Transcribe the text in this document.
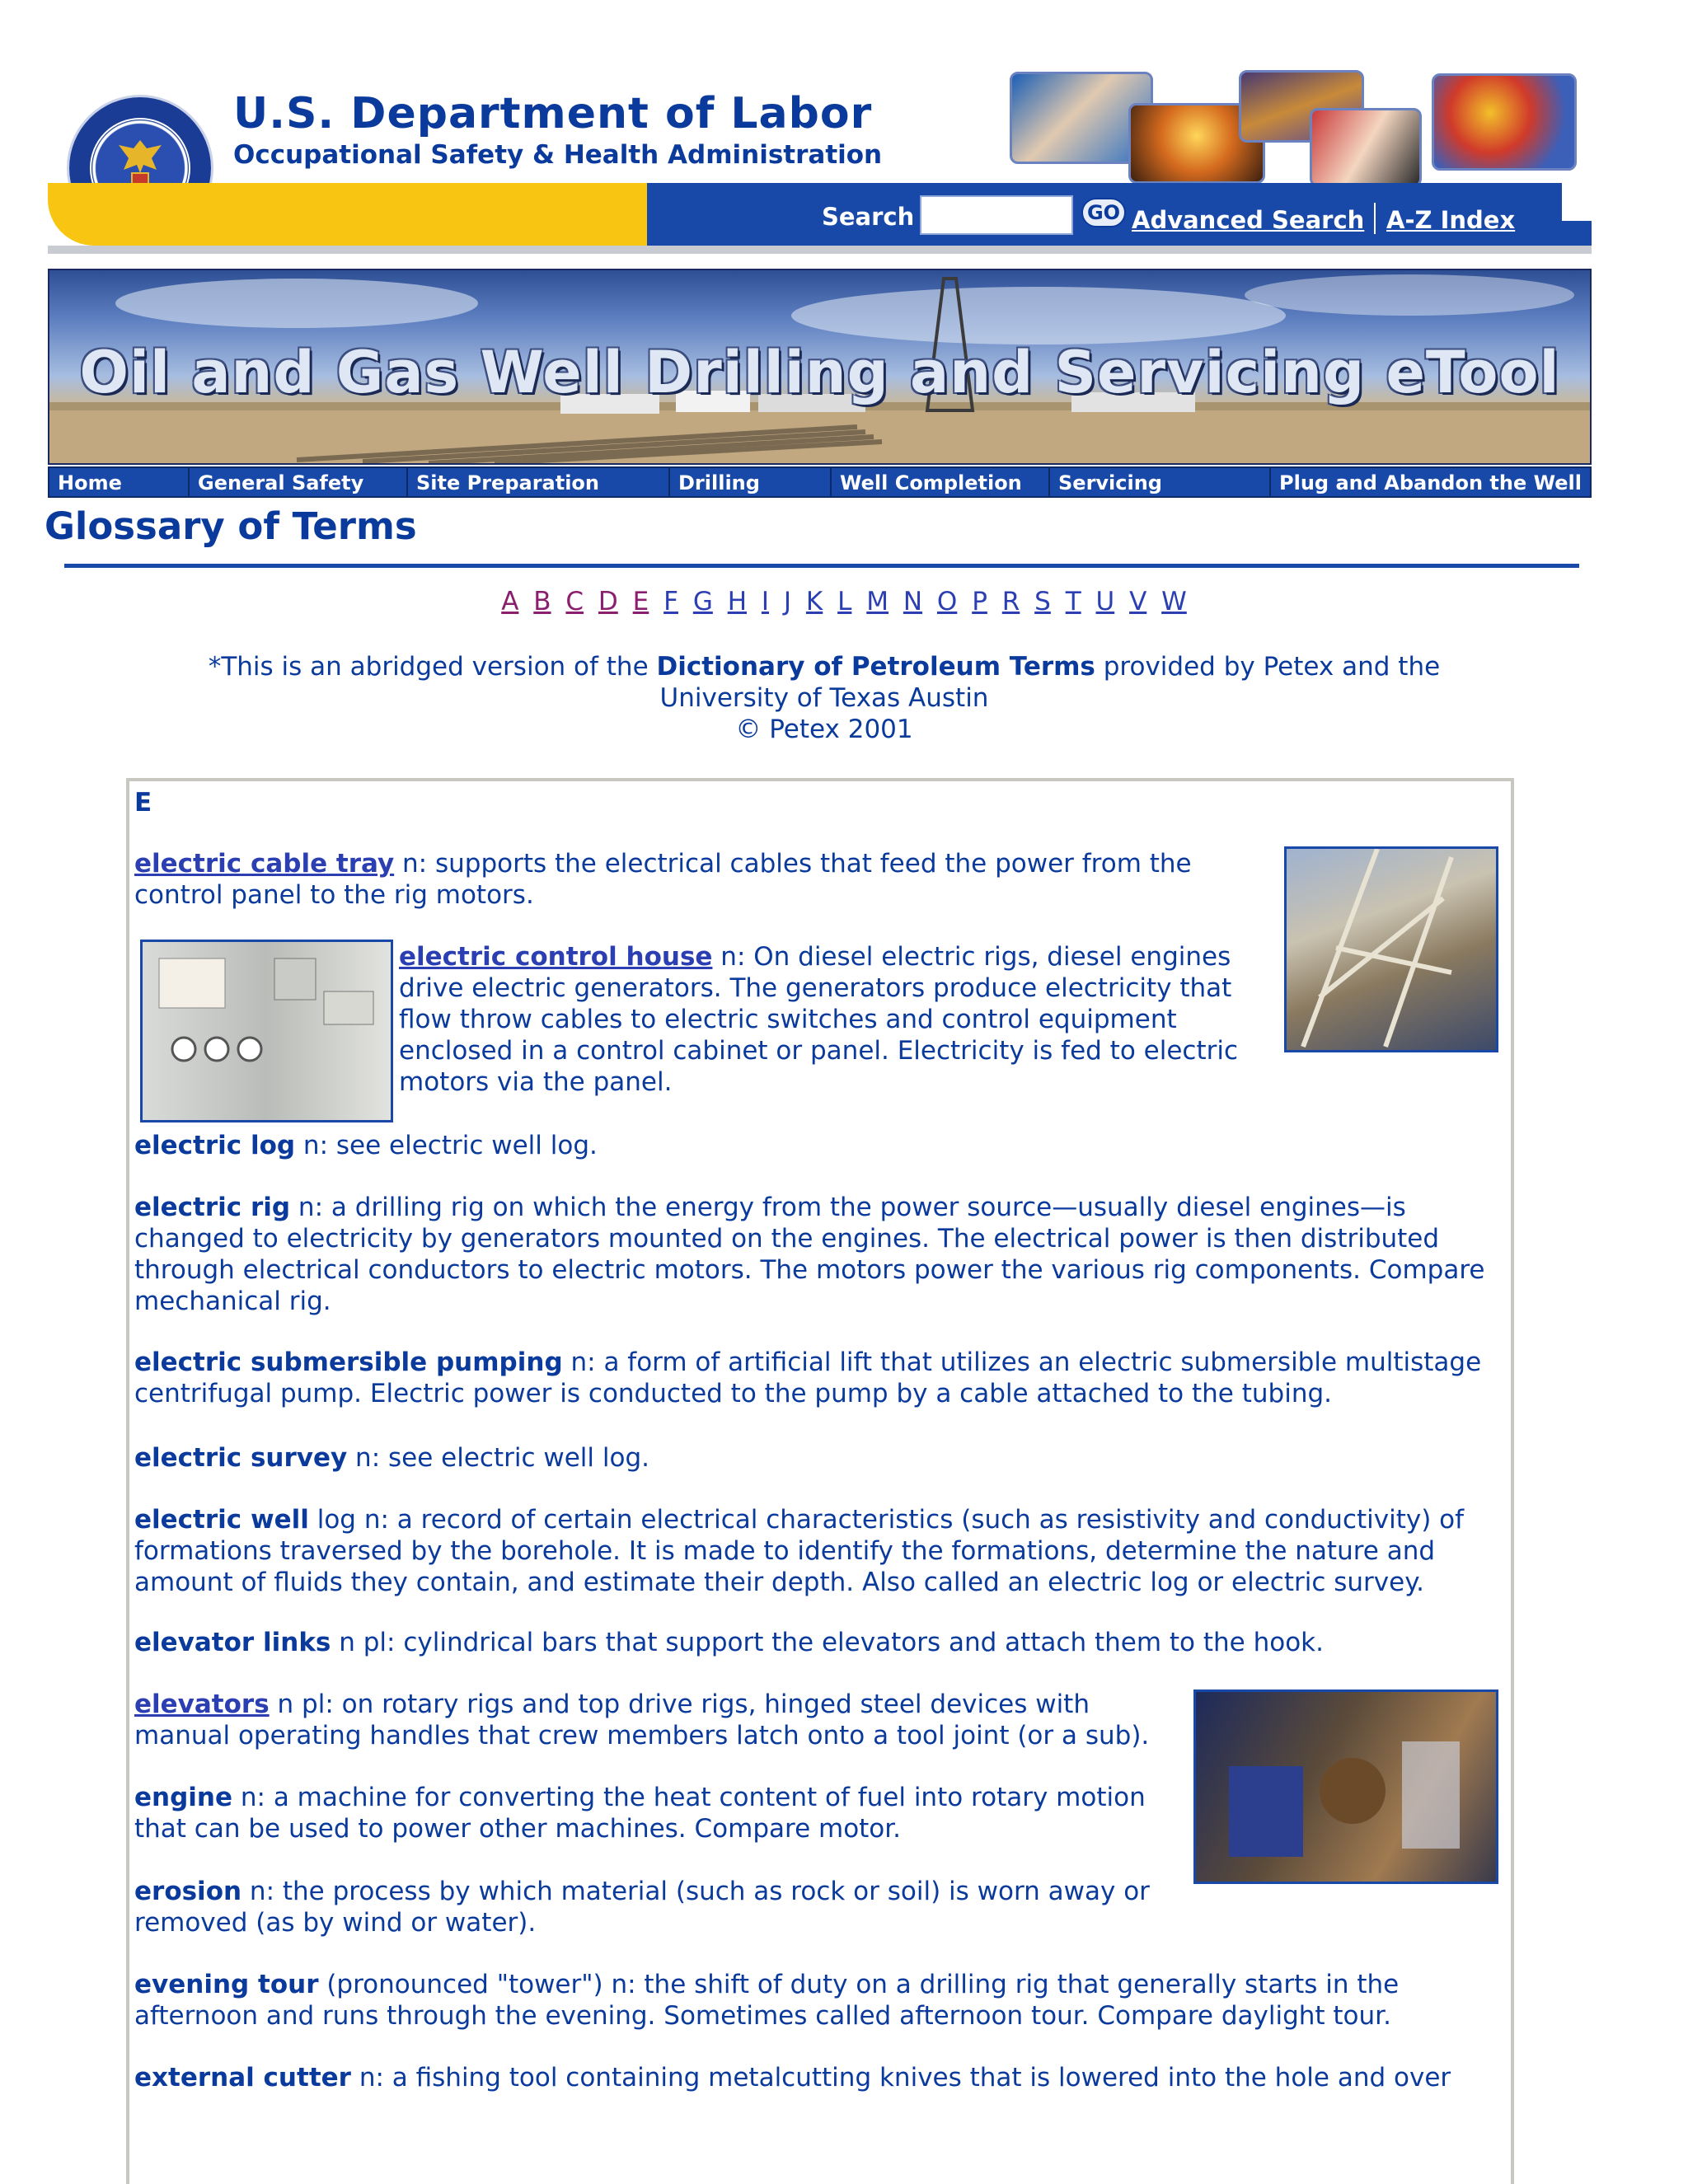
U.S. Department of Labor
Occupational Safety & Health Administration
Search	GO Advanced Search A-Z Index
Oil and Gas Well Drilling and Servicing eTool
Home	General Safety	Site Preparation	Drilling	Well Completion	Servicing	Plug and Abandon the Well
Glossary of Terms
A B C D E F G H I J K L M N O P R S T U V W
*This is an abridged version of the Dictionary of Petroleum Terms provided by Petex and the
University of Texas Austin
© Petex 2001
E
electric cable tray n: supports the electrical cables that feed the power from the
control panel to the rig motors.
electric control house n: On diesel electric rigs, diesel engines
drive electric generators. The generators produce electricity that
flow throw cables to electric switches and control equipment
enclosed in a control cabinet or panel. Electricity is fed to electric
motors via the panel.
electric log n: see electric well log.
electric rig n: a drilling rig on which the energy from the power source—usually diesel engines—is
changed to electricity by generators mounted on the engines. The electrical power is then distributed
through electrical conductors to electric motors. The motors power the various rig components. Compare
mechanical rig.
electric submersible pumping n: a form of artificial lift that utilizes an electric submersible multistage
centrifugal pump. Electric power is conducted to the pump by a cable attached to the tubing.
electric survey n: see electric well log.
electric well log n: a record of certain electrical characteristics (such as resistivity and conductivity) of
formations traversed by the borehole. It is made to identify the formations, determine the nature and
amount of fluids they contain, and estimate their depth. Also called an electric log or electric survey.
elevator links n pl: cylindrical bars that support the elevators and attach them to the hook.
elevators n pl: on rotary rigs and top drive rigs, hinged steel devices with
manual operating handles that crew members latch onto a tool joint (or a sub).
engine n: a machine for converting the heat content of fuel into rotary motion
that can be used to power other machines. Compare motor.
erosion n: the process by which material (such as rock or soil) is worn away or
removed (as by wind or water).
evening tour (pronounced "tower") n: the shift of duty on a drilling rig that generally starts in the
afternoon and runs through the evening. Sometimes called afternoon tour. Compare daylight tour.
external cutter n: a fishing tool containing metalcutting knives that is lowered into the hole and over
